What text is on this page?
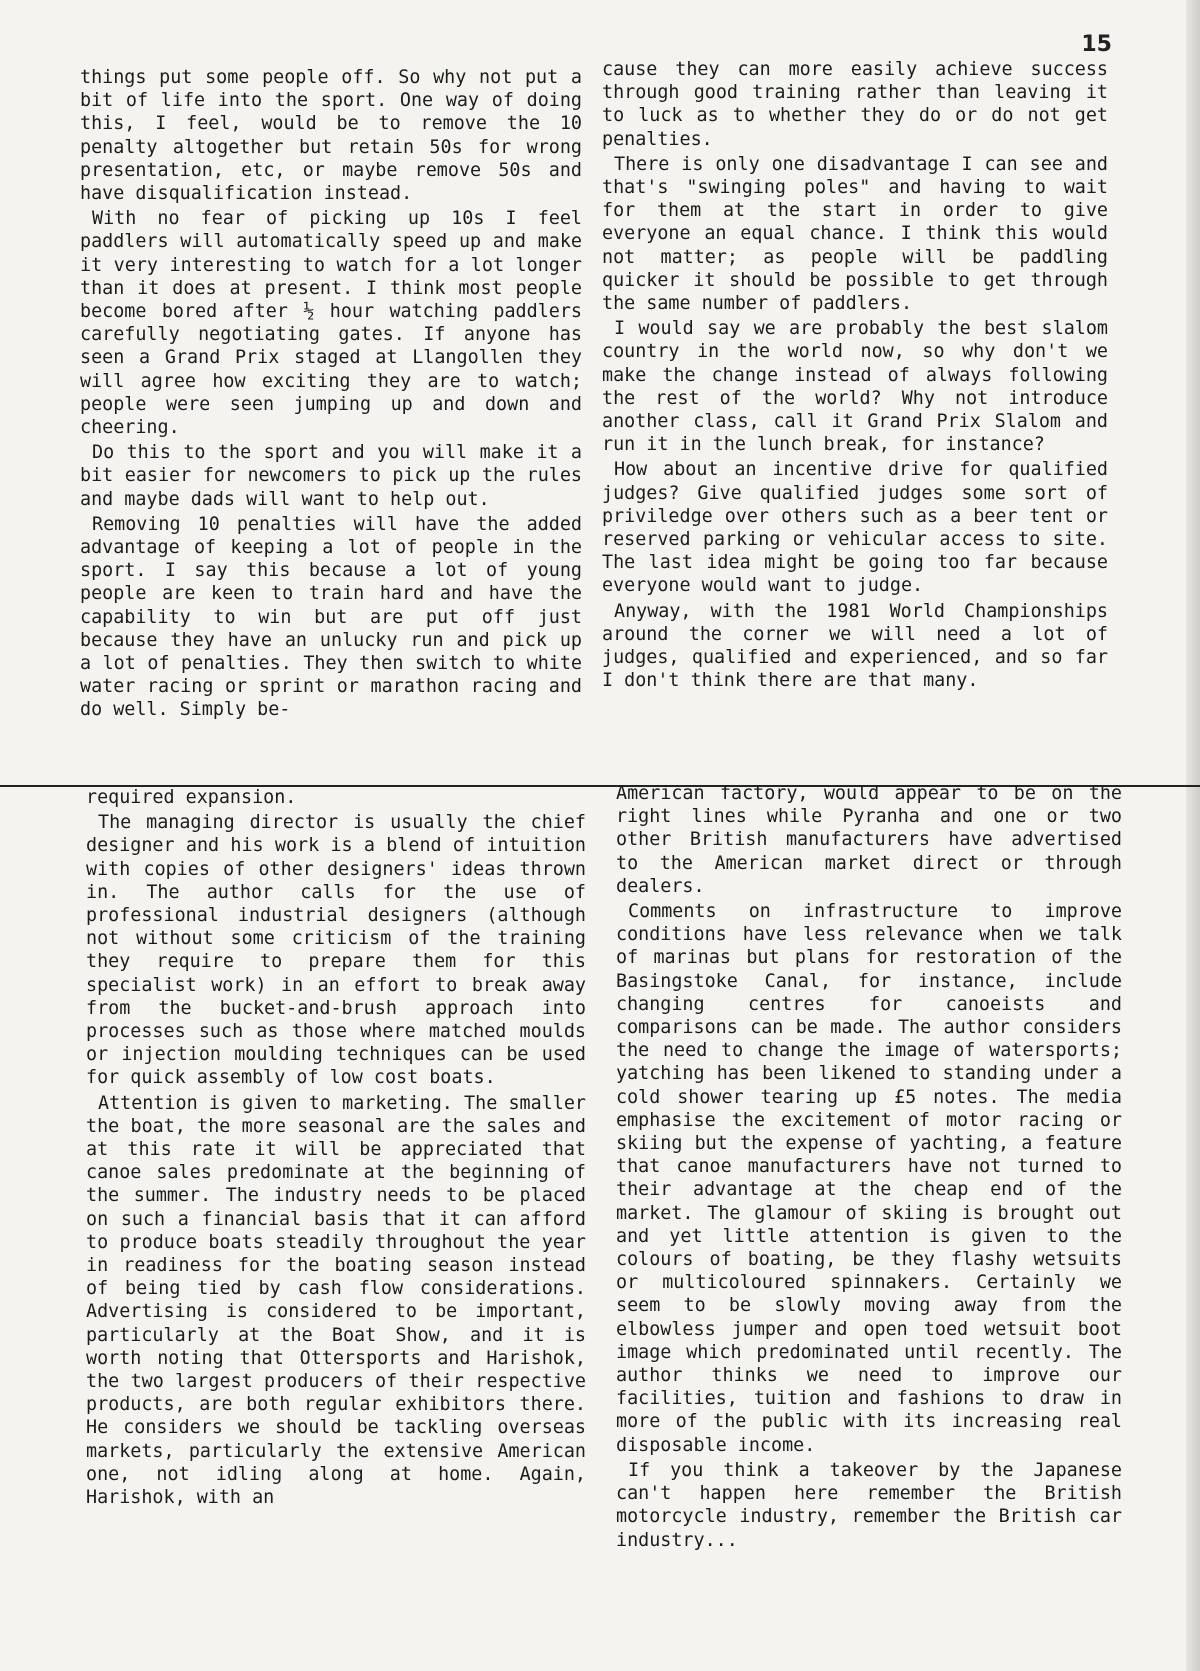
15

things put some people off. So why not put a bit of life into the sport. One way of doing this, I feel, would be to remove the 10 penalty altogether but retain 50s for wrong presentation, etc, or maybe remove 50s and have disqualification instead.

With no fear of picking up 10s I feel paddlers will automatically speed up and make it very interesting to watch for a lot longer than it does at present. I think most people become bored after ½ hour watching paddlers carefully negotiating gates. If anyone has seen a Grand Prix staged at Llangollen they will agree how exciting they are to watch; people were seen jumping up and down and cheering.

Do this to the sport and you will make it a bit easier for newcomers to pick up the rules and maybe dads will want to help out.

Removing 10 penalties will have the added advantage of keeping a lot of people in the sport. I say this because a lot of young people are keen to train hard and have the capability to win but are put off just because they have an unlucky run and pick up a lot of penalties. They then switch to white water racing or sprint or marathon racing and do well. Simply be-

cause they can more easily achieve success through good training rather than leaving it to luck as to whether they do or do not get penalties.

There is only one disadvantage I can see and that's "swinging poles" and having to wait for them at the start in order to give everyone an equal chance. I think this would not matter; as people will be paddling quicker it should be possible to get through the same number of paddlers.

I would say we are probably the best slalom country in the world now, so why don't we make the change instead of always following the rest of the world? Why not introduce another class, call it Grand Prix Slalom and run it in the lunch break, for instance?

How about an incentive drive for qualified judges? Give qualified judges some sort of priviledge over others such as a beer tent or reserved parking or vehicular access to site. The last idea might be going too far because everyone would want to judge.

Anyway, with the 1981 World Championships around the corner we will need a lot of judges, qualified and experienced, and so far I don't think there are that many.

required expansion.

The managing director is usually the chief designer and his work is a blend of intuition with copies of other designers' ideas thrown in. The author calls for the use of professional industrial designers (although not without some criticism of the training they require to prepare them for this specialist work) in an effort to break away from the bucket-and-brush approach into processes such as those where matched moulds or injection moulding techniques can be used for quick assembly of low cost boats.

Attention is given to marketing. The smaller the boat, the more seasonal are the sales and at this rate it will be appreciated that canoe sales predominate at the beginning of the summer. The industry needs to be placed on such a financial basis that it can afford to produce boats steadily throughout the year in readiness for the boating season instead of being tied by cash flow considerations. Advertising is considered to be important, particularly at the Boat Show, and it is worth noting that Ottersports and Harishok, the two largest producers of their respective products, are both regular exhibitors there. He considers we should be tackling overseas markets, particularly the extensive American one, not idling along at home. Again, Harishok, with an

American factory, would appear to be on the right lines while Pyranha and one or two other British manufacturers have advertised to the American market direct or through dealers.

Comments on infrastructure to improve conditions have less relevance when we talk of marinas but plans for restoration of the Basingstoke Canal, for instance, include changing centres for canoeists and comparisons can be made. The author considers the need to change the image of watersports; yatching has been likened to standing under a cold shower tearing up £5 notes. The media emphasise the excitement of motor racing or skiing but the expense of yachting, a feature that canoe manufacturers have not turned to their advantage at the cheap end of the market. The glamour of skiing is brought out and yet little attention is given to the colours of boating, be they flashy wetsuits or multicoloured spinnakers. Certainly we seem to be slowly moving away from the elbowless jumper and open toed wetsuit boot image which predominated until recently. The author thinks we need to improve our facilities, tuition and fashions to draw in more of the public with its increasing real disposable income.

If you think a takeover by the Japanese can't happen here remember the British motorcycle industry, remember the British car industry...
